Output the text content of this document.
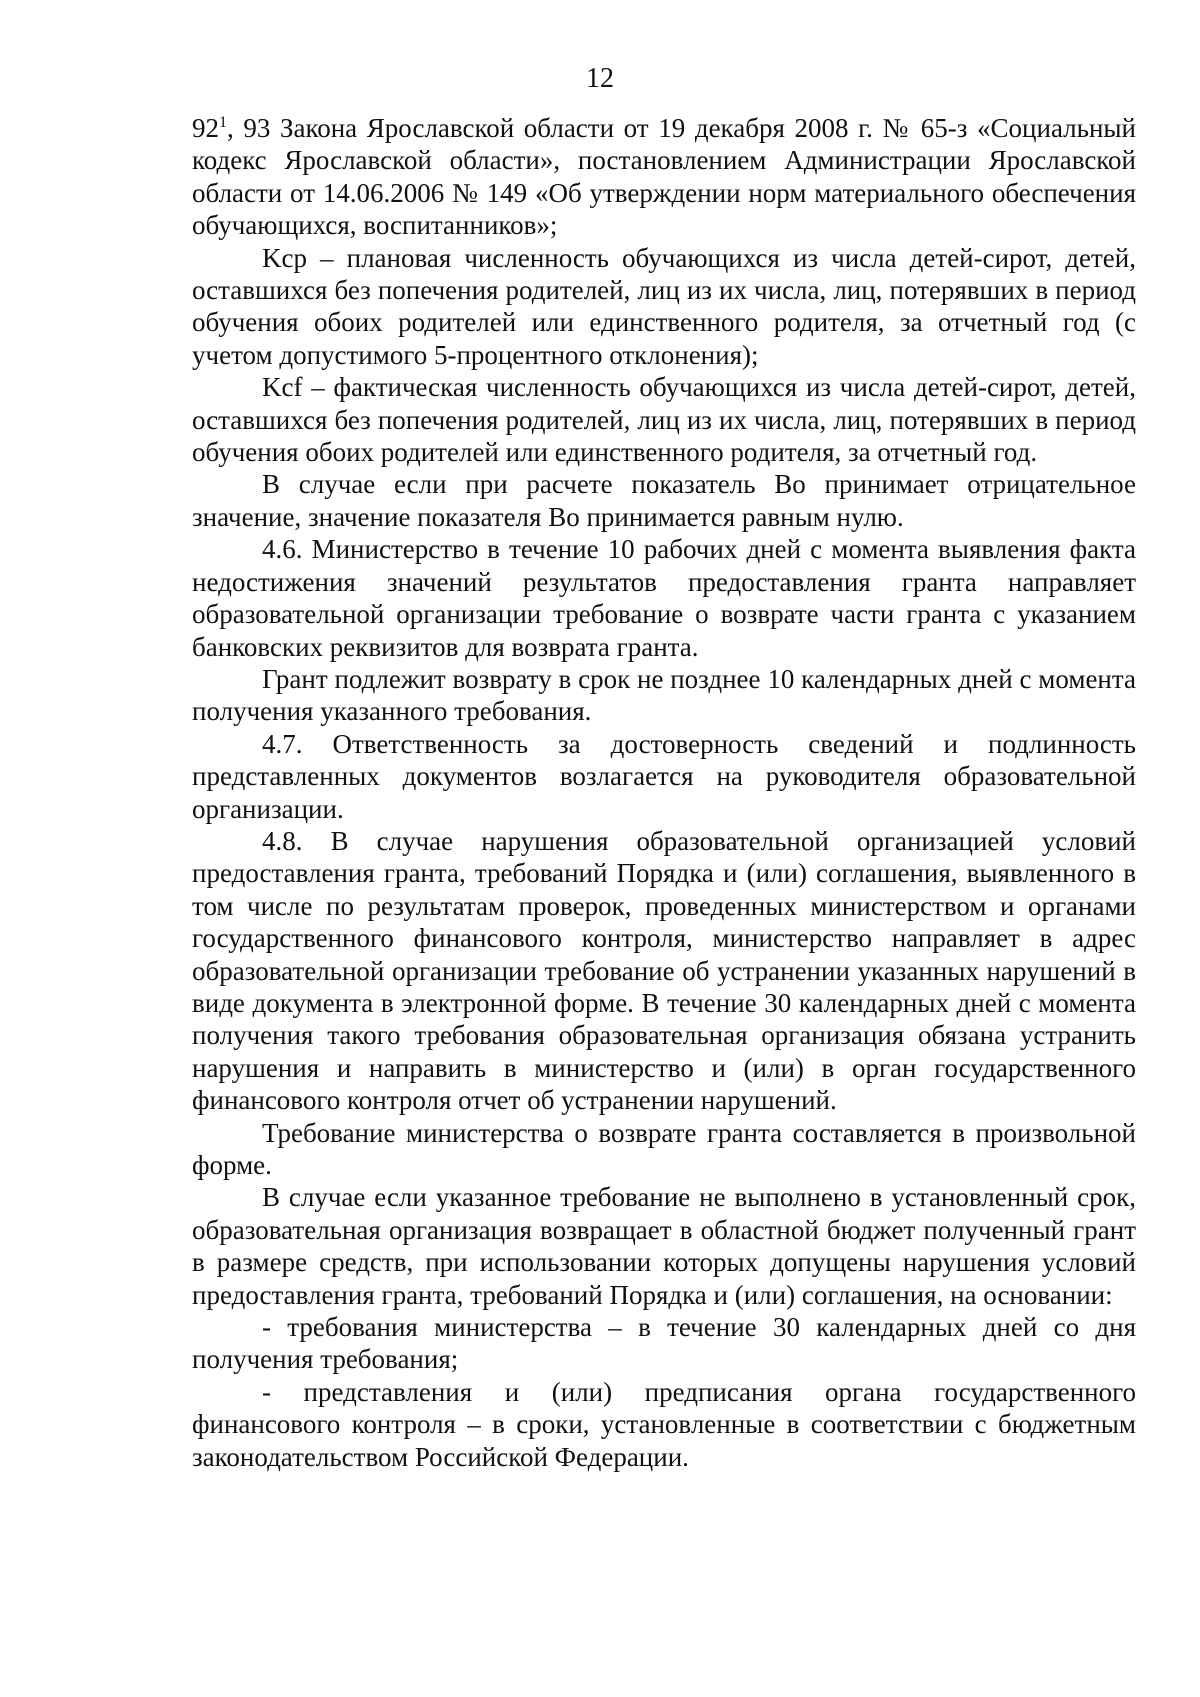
12

$92^1$, 93 Закона Ярославской области от 19 декабря 2008 г. № 65-з «Социальный кодекс Ярославской области», постановлением Администрации Ярославской области от 14.06.2006 № 149 «Об утверждении норм материального обеспечения обучающихся, воспитанников»;

Kcp – плановая численность обучающихся из числа детей-сирот, детей, оставшихся без попечения родителей, лиц из их числа, лиц, потерявших в период обучения обоих родителей или единственного родителя, за отчетный год (с учетом допустимого 5-процентного отклонения);

Kcf – фактическая численность обучающихся из числа детей-сирот, детей, оставшихся без попечения родителей, лиц из их числа, лиц, потерявших в период обучения обоих родителей или единственного родителя, за отчетный год.

В случае если при расчете показатель Во принимает отрицательное значение, значение показателя Во принимается равным нулю.

4.6. Министерство в течение 10 рабочих дней с момента выявления факта недостижения значений результатов предоставления гранта направляет образовательной организации требование о возврате части гранта с указанием банковских реквизитов для возврата гранта.

Грант подлежит возврату в срок не позднее 10 календарных дней с момента получения указанного требования.

4.7. Ответственность за достоверность сведений и подлинность представленных документов возлагается на руководителя образовательной организации.

4.8. В случае нарушения образовательной организацией условий предоставления гранта, требований Порядка и (или) соглашения, выявленного в том числе по результатам проверок, проведенных министерством и органами государственного финансового контроля, министерство направляет в адрес образовательной организации требование об устранении указанных нарушений в виде документа в электронной форме. В течение 30 календарных дней с момента получения такого требования образовательная организация обязана устранить нарушения и направить в министерство и (или) в орган государственного финансового контроля отчет об устранении нарушений.

Требование министерства о возврате гранта составляется в произвольной форме.

В случае если указанное требование не выполнено в установленный срок, образовательная организация возвращает в областной бюджет полученный грант в размере средств, при использовании которых допущены нарушения условий предоставления гранта, требований Порядка и (или) соглашения, на основании:

- требования министерства – в течение 30 календарных дней со дня получения требования;

- представления и (или) предписания органа государственного финансового контроля – в сроки, установленные в соответствии с бюджетным законодательством Российской Федерации.
